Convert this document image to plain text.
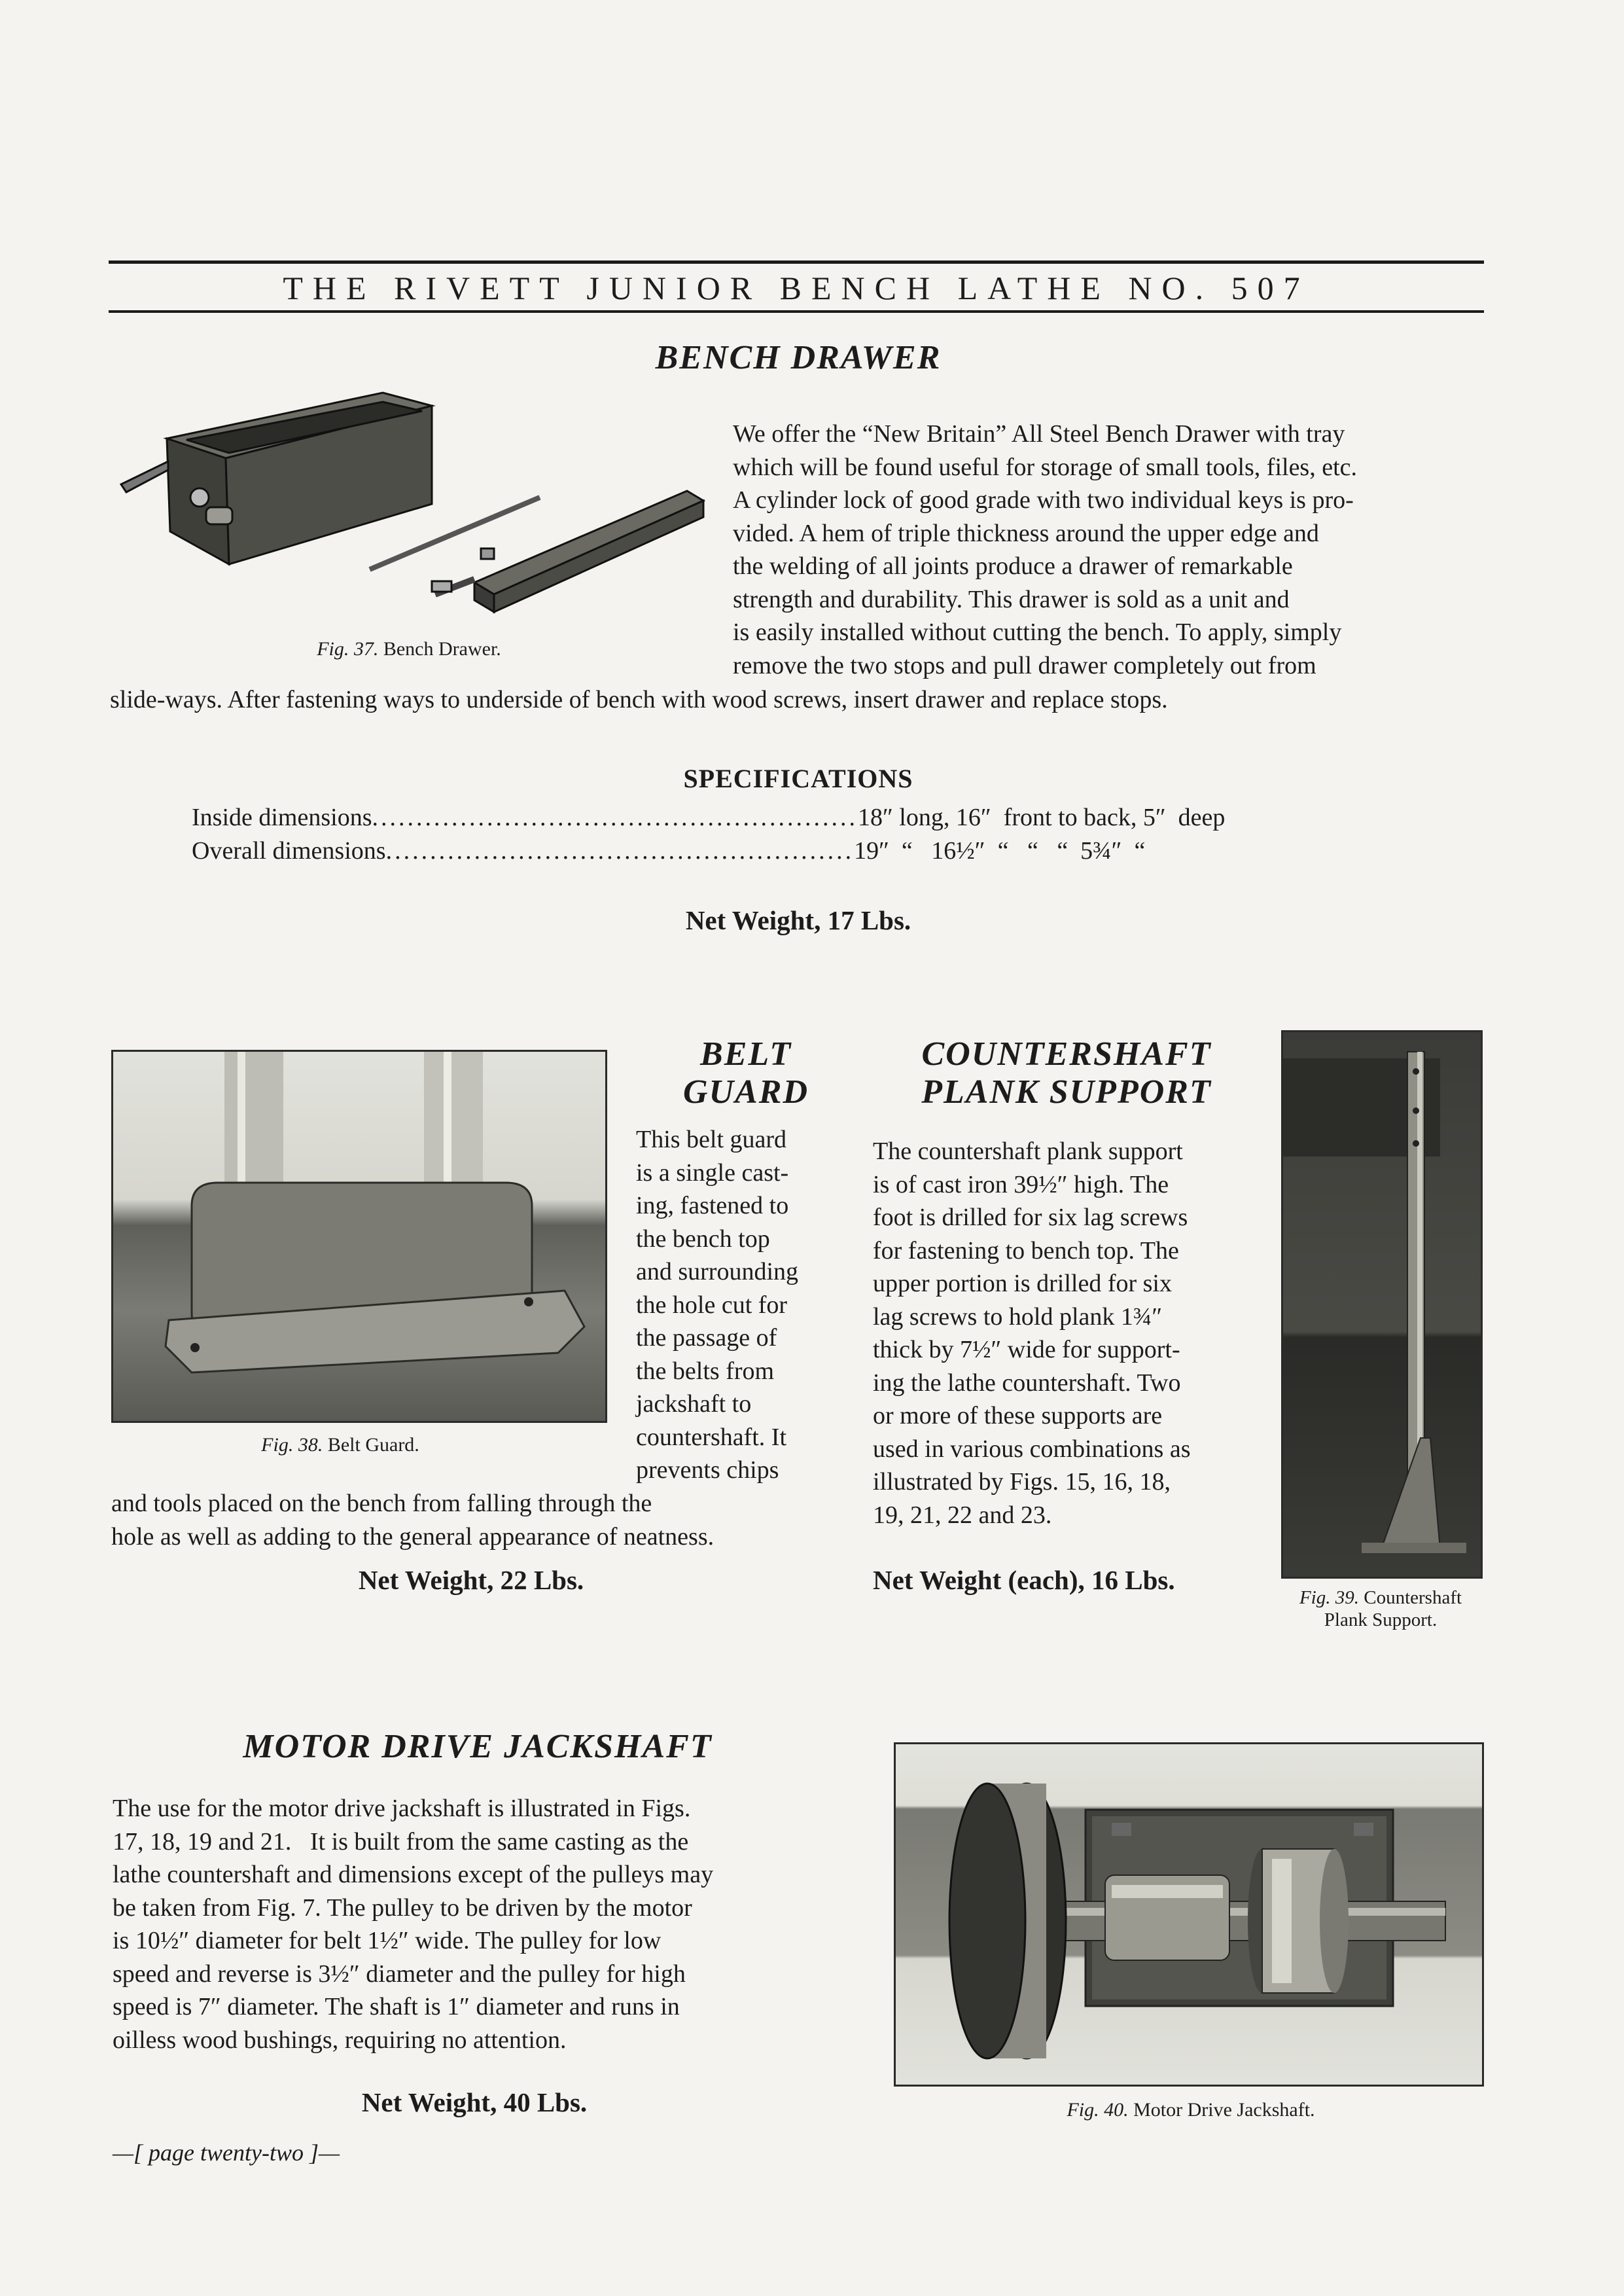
THE RIVETT JUNIOR BENCH LATHE NO. 507
BENCH DRAWER
Fig. 37. Bench Drawer.
We offer the “New Britain” All Steel Bench Drawer with tray
which will be found useful for storage of small tools, files, etc.
A cylinder lock of good grade with two individual keys is pro-
vided. A hem of triple thickness around the upper edge and
the welding of all joints produce a drawer of remarkable
strength and durability. This drawer is sold as a unit and
is easily installed without cutting the bench. To apply, simply
remove the two stops and pull drawer completely out from
slide-ways. After fastening ways to underside of bench with wood screws, insert drawer and replace stops.
SPECIFICATIONS
Inside dimensions.......................................................18″ long, 16″  front to back, 5″  deep
Overall dimensions.....................................................19″  “   16½″  “   “   “  5¾″  “
Net Weight, 17 Lbs.
Fig. 38. Belt Guard.
BELT
GUARD
This belt guard
is a single cast-
ing, fastened to
the bench top
and surrounding
the hole cut for
the passage of
the belts from
jackshaft to
countershaft. It
prevents chips
and tools placed on the bench from falling through the
hole as well as adding to the general appearance of neatness.
Net Weight, 22 Lbs.
COUNTERSHAFT
PLANK SUPPORT
The countershaft plank support
is of cast iron 39½″ high. The
foot is drilled for six lag screws
for fastening to bench top. The
upper portion is drilled for six
lag screws to hold plank 1¾″
thick by 7½″ wide for support-
ing the lathe countershaft. Two
or more of these supports are
used in various combinations as
illustrated by Figs. 15, 16, 18,
19, 21, 22 and 23.
Net Weight (each), 16 Lbs.
Fig. 39. Countershaft
Plank Support.
MOTOR DRIVE JACKSHAFT
The use for the motor drive jackshaft is illustrated in Figs.
17, 18, 19 and 21.   It is built from the same casting as the
lathe countershaft and dimensions except of the pulleys may
be taken from Fig. 7. The pulley to be driven by the motor
is 10½″ diameter for belt 1½″ wide. The pulley for low
speed and reverse is 3½″ diameter and the pulley for high
speed is 7″ diameter. The shaft is 1″ diameter and runs in
oilless wood bushings, requiring no attention.
Net Weight, 40 Lbs.	Fig. 40. Motor Drive Jackshaft.
—[ page twenty-two ]—
